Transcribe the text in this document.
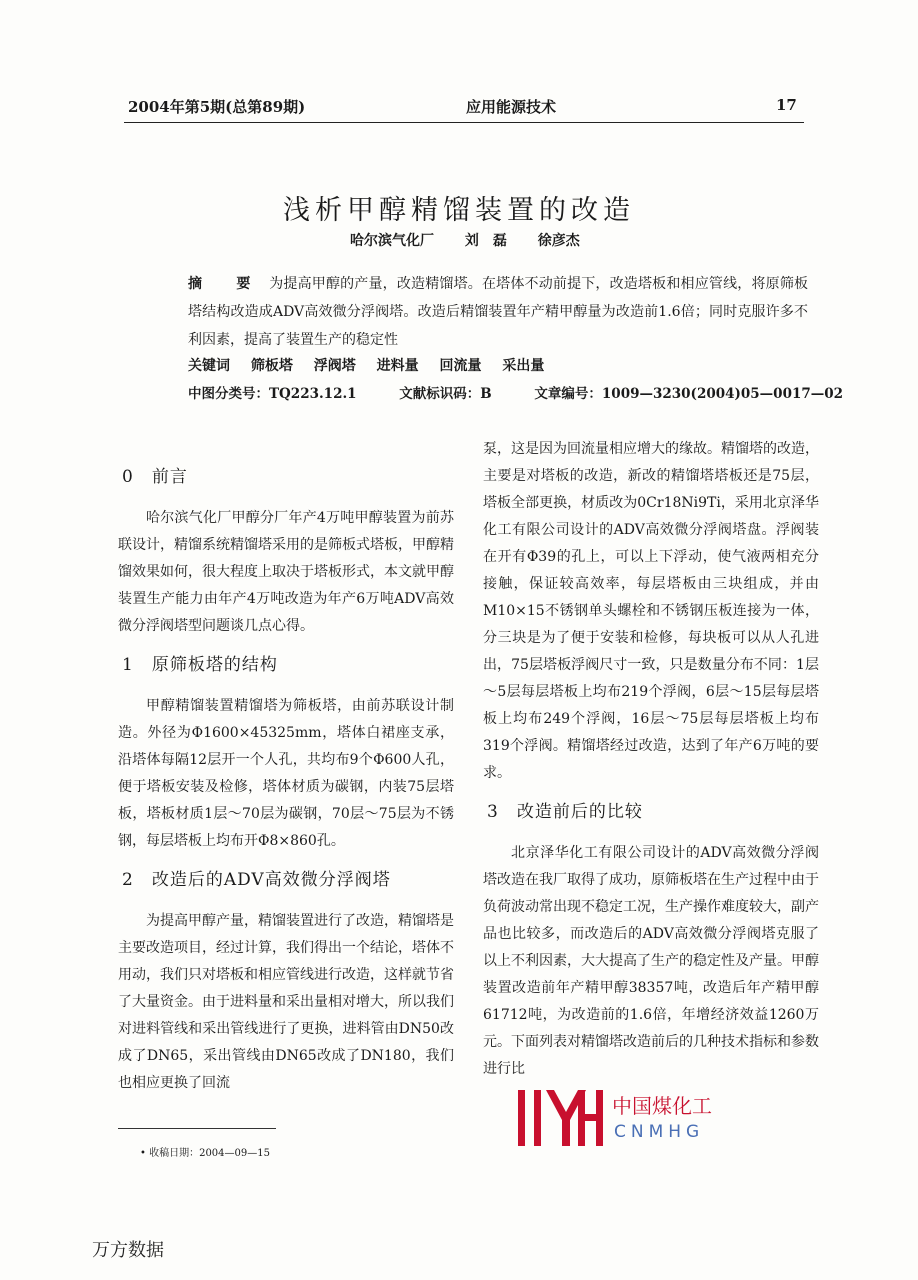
2004年第5期(总第89期)	应用能源技术	17
浅析甲醇精馏装置的改造
哈尔滨气化厂 刘　磊 徐彦杰
摘　要 为提高甲醇的产量，改造精馏塔。在塔体不动前提下，改造塔板和相应管线，将原筛板塔结构改造成ADV高效微分浮阀塔。改造后精馏装置年产精甲醇量为改造前1.6倍；同时克服许多不利因素，提高了装置生产的稳定性
关键词 筛板塔 浮阀塔 进料量 回流量 采出量
中图分类号：TQ223.12.1	文献标识码：B	文章编号：1009—3230(2004)05—0017—02
0 前言

哈尔滨气化厂甲醇分厂年产4万吨甲醇装置为前苏联设计，精馏系统精馏塔采用的是筛板式塔板，甲醇精馏效果如何，很大程度上取决于塔板形式，本文就甲醇装置生产能力由年产4万吨改造为年产6万吨ADV高效微分浮阀塔型问题谈几点心得。

1 原筛板塔的结构

甲醇精馏装置精馏塔为筛板塔，由前苏联设计制造。外径为Φ1600×45325mm，塔体白裙座支承，沿塔体每隔12层开一个人孔，共均布9个Φ600人孔，便于塔板安装及检修，塔体材质为碳钢，内装75层塔板，塔板材质1层～70层为碳钢，70层～75层为不锈钢，每层塔板上均布开Φ8×860孔。

2 改造后的ADV高效微分浮阀塔

为提高甲醇产量，精馏装置进行了改造，精馏塔是主要改造项目，经过计算，我们得出一个结论，塔体不用动，我们只对塔板和相应管线进行改造，这样就节省了大量资金。由于进料量和采出量相对增大，所以我们对进料管线和采出管线进行了更换，进料管由DN50改成了DN65，采出管线由DN65改成了DN180，我们也相应更换了回流

泵，这是因为回流量相应增大的缘故。精馏塔的改造，主要是对塔板的改造，新改的精馏塔塔板还是75层，塔板全部更换，材质改为0Cr18Ni9Ti，采用北京泽华化工有限公司设计的ADV高效微分浮阀塔盘。浮阀装在开有Φ39的孔上，可以上下浮动，使气液两相充分接触，保证较高效率，每层塔板由三块组成，并由M10×15不锈钢单头螺栓和不锈钢压板连接为一体，分三块是为了便于安装和检修，每块板可以从人孔进出，75层塔板浮阀尺寸一致，只是数量分布不同：1层～5层每层塔板上均布219个浮阀，6层～15层每层塔板上均布249个浮阀，16层～75层每层塔板上均布319个浮阀。精馏塔经过改造，达到了年产6万吨的要求。

3 改造前后的比较

北京泽华化工有限公司设计的ADV高效微分浮阀塔改造在我厂取得了成功，原筛板塔在生产过程中由于负荷波动常出现不稳定工况，生产操作难度较大，副产品也比较多，而改造后的ADV高效微分浮阀塔克服了以上不利因素，大大提高了生产的稳定性及产量。甲醇装置改造前年产精甲醇38357吨，改造后年产精甲醇61712吨，为改造前的1.6倍，年增经济效益1260万元。下面列表对精馏塔改造前后的几种技术指标和参数进行比

• 收稿日期：2004—09—15
中国煤化工
CNMHG
万方数据
